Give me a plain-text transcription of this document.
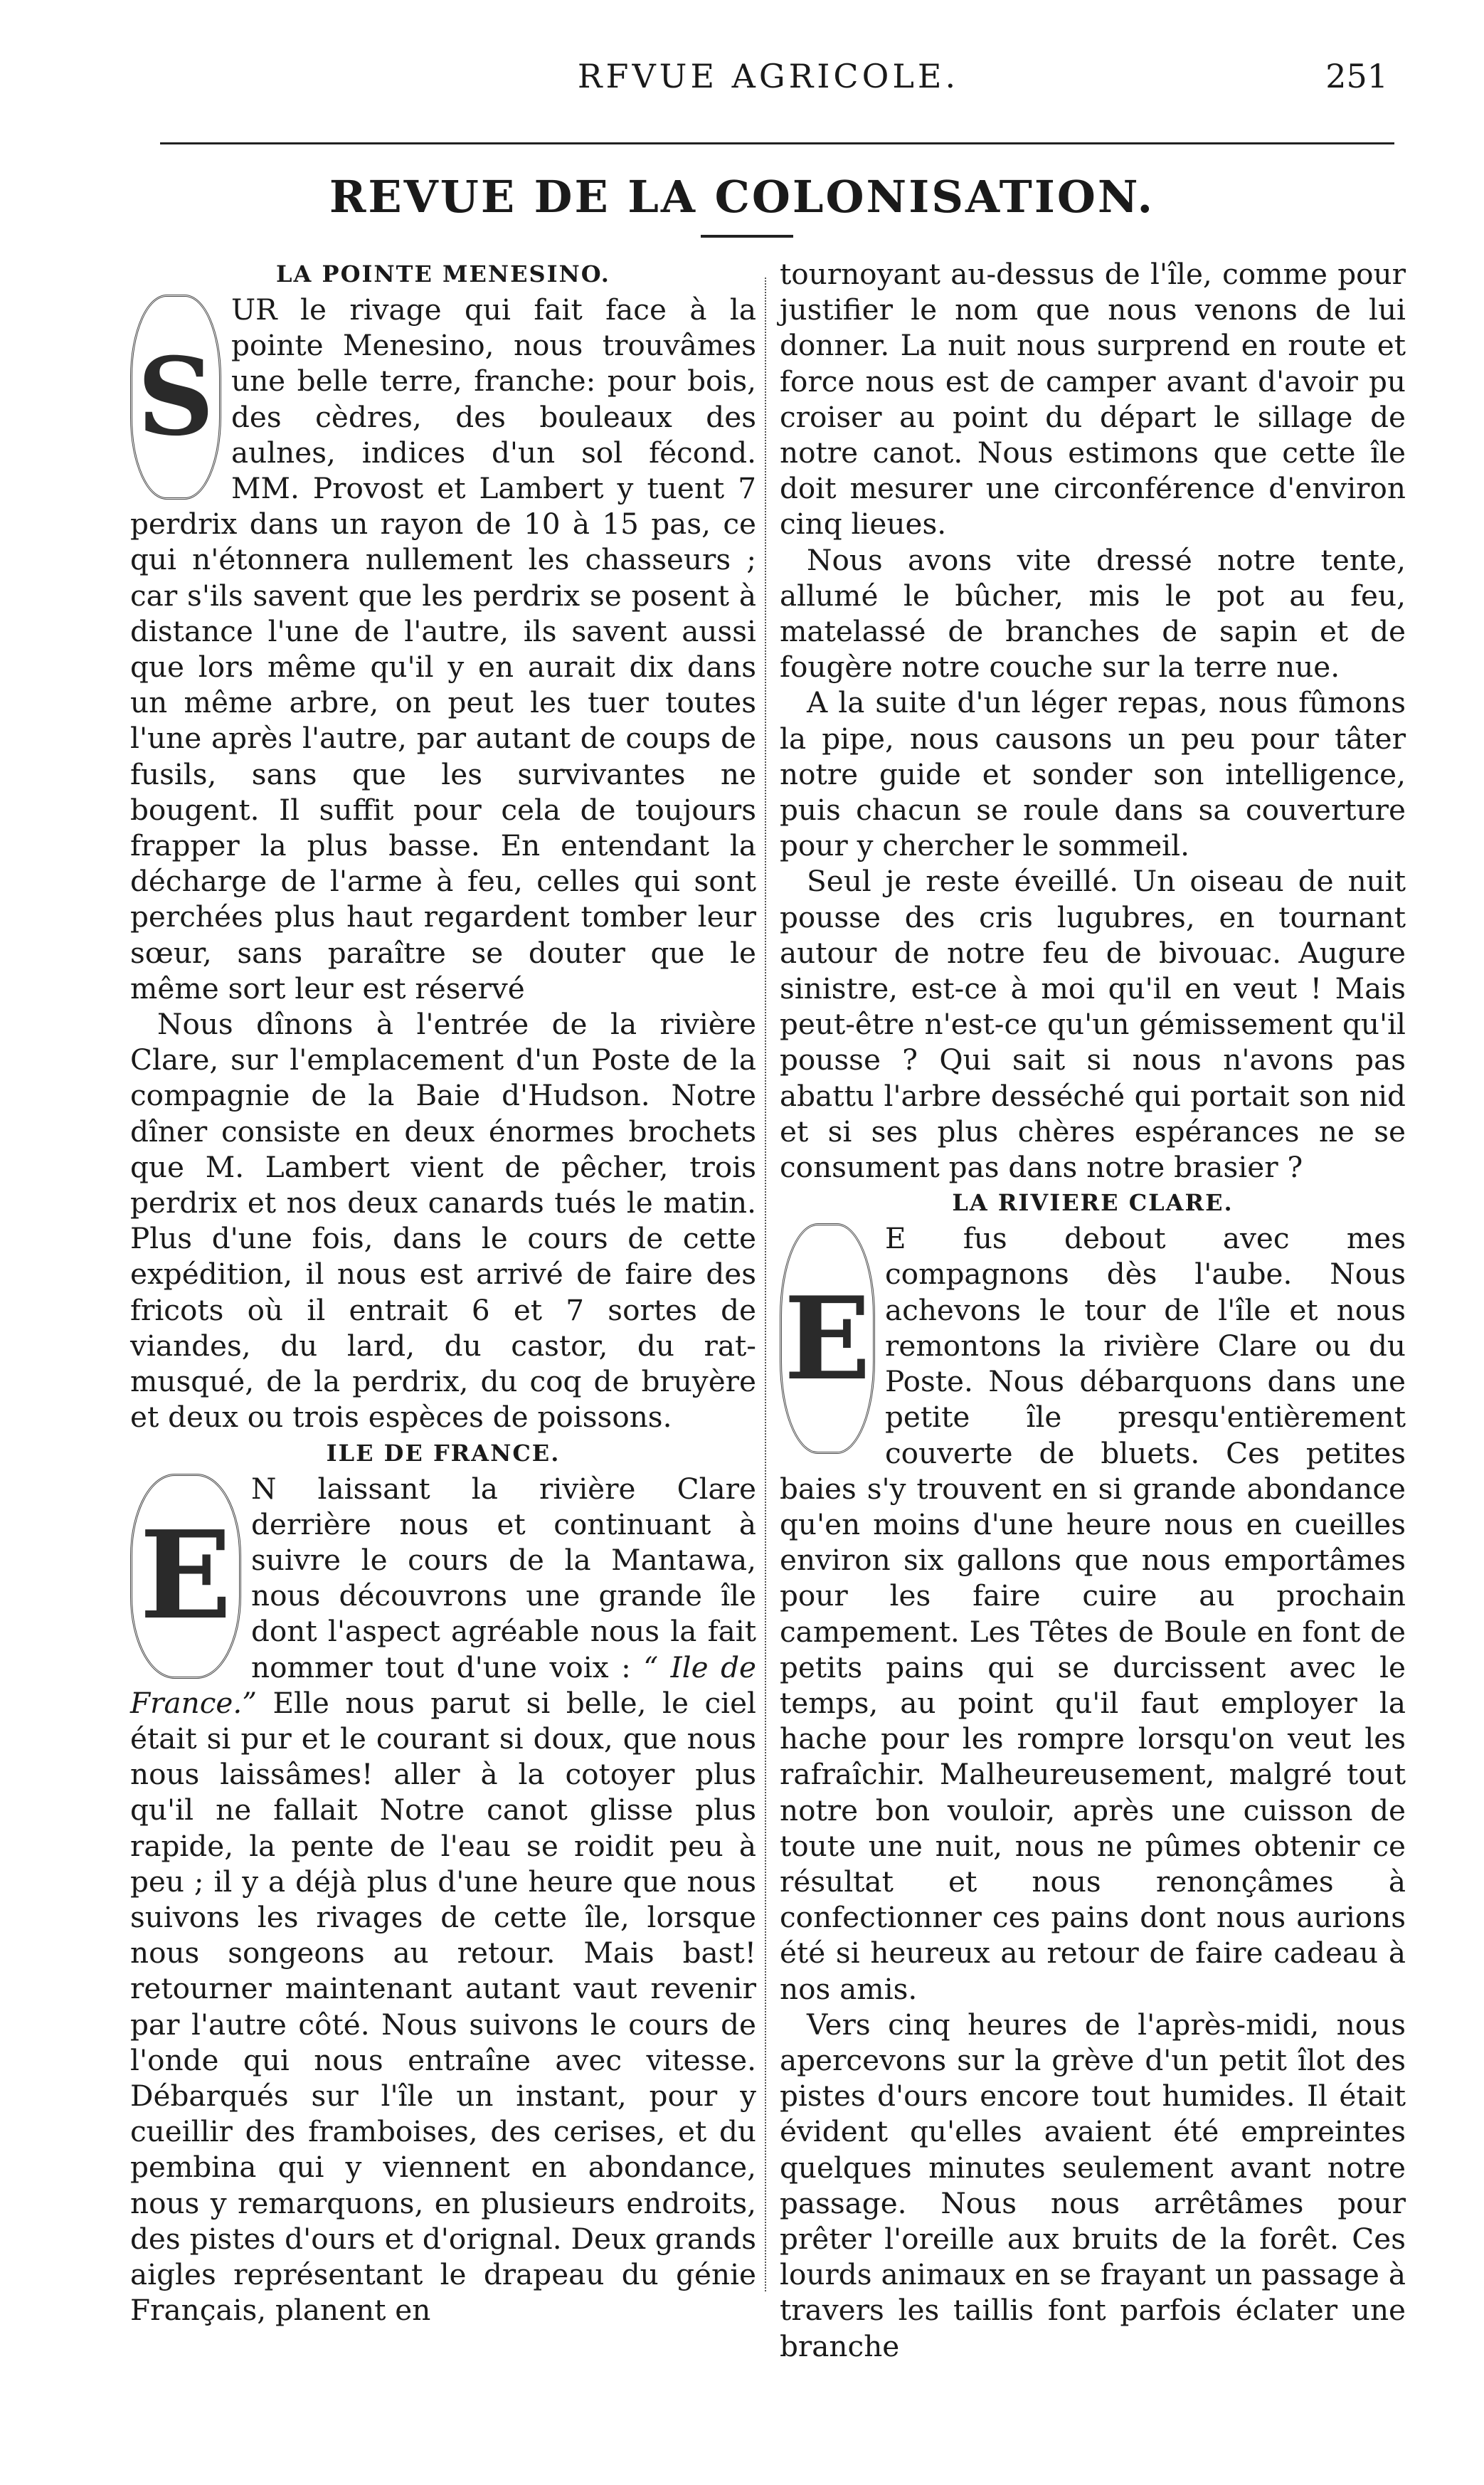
RFVUE AGRICOLE.	251
REVUE DE LA COLONISATION.
LA POINTE MENESINO.

S
UR le rivage qui fait face à la pointe Menesino, nous trouvâmes une belle terre, franche: pour bois, des cèdres, des bouleaux des aulnes, indices d'un sol fécond. MM. Provost et Lambert y tuent 7 perdrix dans un rayon de 10 à 15 pas, ce qui n'étonnera nullement les chasseurs ; car s'ils savent que les perdrix se posent à distance l'une de l'autre, ils savent aussi que lors même qu'il y en aurait dix dans un même arbre, on peut les tuer toutes l'une après l'autre, par autant de coups de fusils, sans que les survivantes ne bougent. Il suffit pour cela de toujours frapper la plus basse. En entendant la décharge de l'arme à feu, celles qui sont perchées plus haut regardent tomber leur sœur, sans paraître se douter que le même sort leur est réservé

Nous dînons à l'entrée de la rivière Clare, sur l'emplacement d'un Poste de la compagnie de la Baie d'Hudson. Notre dîner consiste en deux énormes brochets que M. Lambert vient de pêcher, trois perdrix et nos deux canards tués le matin. Plus d'une fois, dans le cours de cette expédition, il nous est arrivé de faire des fricots où il entrait 6 et 7 sortes de viandes, du lard, du castor, du rat-musqué, de la perdrix, du coq de bruyère et deux ou trois espèces de poissons.

ILE DE FRANCE.

E
N laissant la rivière Clare derrière nous et continuant à suivre le cours de la Mantawa, nous découvrons une grande île dont l'aspect agréable nous la fait nommer tout d'une voix : “ Ile de France.” Elle nous parut si belle, le ciel était si pur et le courant si doux, que nous nous laissâmes! aller à la cotoyer plus qu'il ne fallait Notre canot glisse plus rapide, la pente de l'eau se roidit peu à peu ; il y a déjà plus d'une heure que nous suivons les rivages de cette île, lorsque nous songeons au retour. Mais bast! retourner maintenant autant vaut revenir par l'autre côté. Nous suivons le cours de l'onde qui nous entraîne avec vitesse. Débarqués sur l'île un instant, pour y cueillir des framboises, des cerises, et du pembina qui y viennent en abondance, nous y remarquons, en plusieurs endroits, des pistes d'ours et d'orignal. Deux grands aigles représentant le drapeau du génie Français, planent en

tournoyant au-dessus de l'île, comme pour justifier le nom que nous venons de lui donner. La nuit nous surprend en route et force nous est de camper avant d'avoir pu croiser au point du départ le sillage de notre canot. Nous estimons que cette île doit mesurer une circonférence d'environ cinq lieues.

Nous avons vite dressé notre tente, allumé le bûcher, mis le pot au feu, matelassé de branches de sapin et de fougère notre couche sur la terre nue.

A la suite d'un léger repas, nous fûmons la pipe, nous causons un peu pour tâter notre guide et sonder son intelligence, puis chacun se roule dans sa couverture pour y chercher le sommeil.

Seul je reste éveillé. Un oiseau de nuit pousse des cris lugubres, en tournant autour de notre feu de bivouac. Augure sinistre, est-ce à moi qu'il en veut ! Mais peut-être n'est-ce qu'un gémissement qu'il pousse ? Qui sait si nous n'avons pas abattu l'arbre desséché qui portait son nid et si ses plus chères espérances ne se consument pas dans notre brasier ?

LA RIVIERE CLARE.

E
E fus debout avec mes compagnons dès l'aube. Nous achevons le tour de l'île et nous remontons la rivière Clare ou du Poste. Nous débarquons dans une petite île presqu'entièrement couverte de bluets. Ces petites baies s'y trouvent en si grande abondance qu'en moins d'une heure nous en cueilles environ six gallons que nous emportâmes pour les faire cuire au prochain campement. Les Têtes de Boule en font de petits pains qui se durcissent avec le temps, au point qu'il faut employer la hache pour les rompre lorsqu'on veut les rafraîchir. Malheureusement, malgré tout notre bon vouloir, après une cuisson de toute une nuit, nous ne pûmes obtenir ce résultat et nous renonçâmes à confectionner ces pains dont nous aurions été si heureux au retour de faire cadeau à nos amis.

Vers cinq heures de l'après-midi, nous apercevons sur la grève d'un petit îlot des pistes d'ours encore tout humides. Il était évident qu'elles avaient été empreintes quelques minutes seulement avant notre passage. Nous nous arrêtâmes pour prêter l'oreille aux bruits de la forêt. Ces lourds animaux en se frayant un passage à travers les taillis font parfois éclater une branche
